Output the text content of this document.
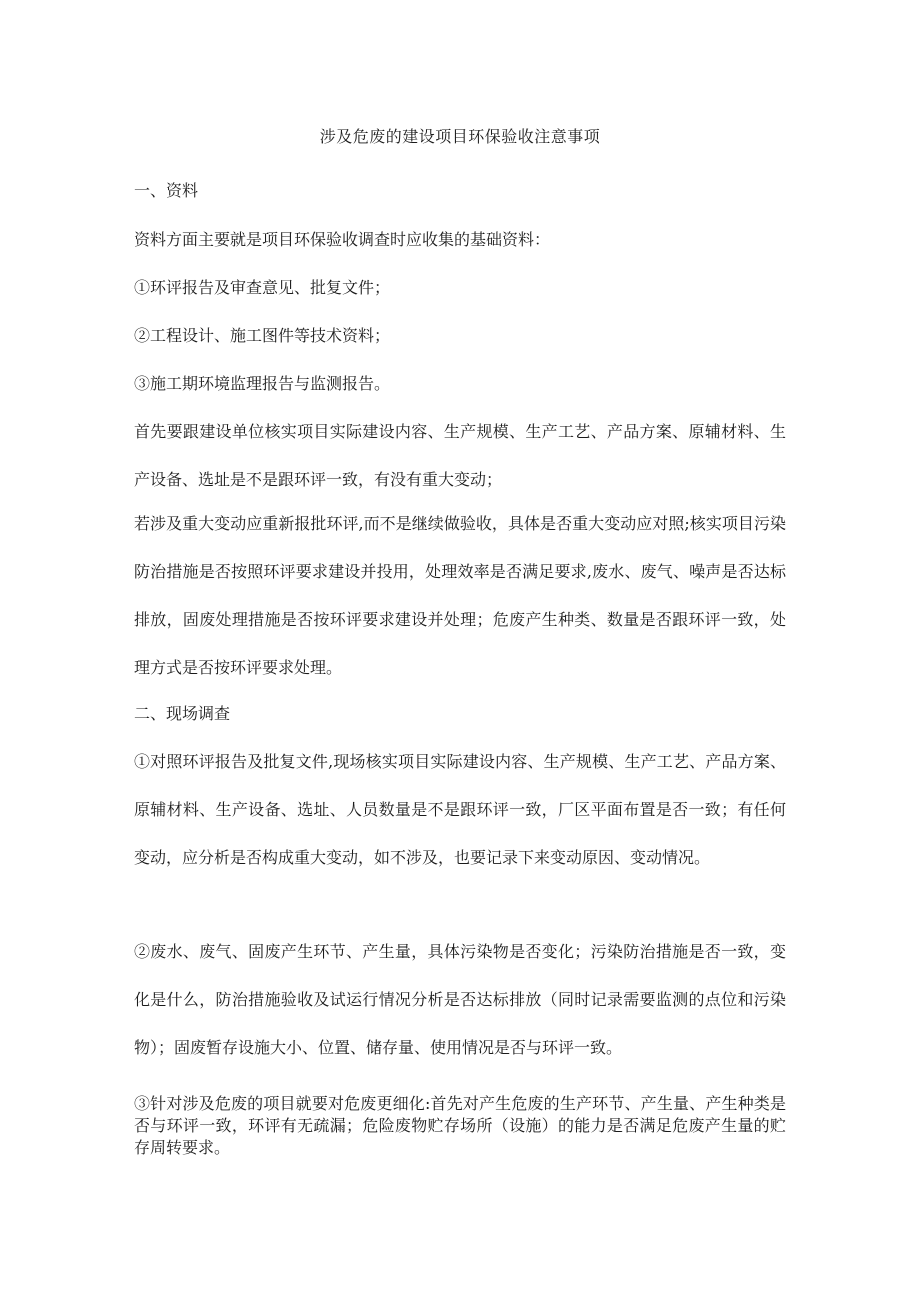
涉及危废的建设项目环保验收注意事项

一、资料

资料方面主要就是项目环保验收调查时应收集的基础资料：

①环评报告及审查意见、批复文件；

②工程设计、施工图件等技术资料；

③施工期环境监理报告与监测报告。

首先要跟建设单位核实项目实际建设内容、生产规模、生产工艺、产品方案、原辅材料、生产设备、选址是不是跟环评一致，有没有重大变动；

若涉及重大变动应重新报批环评,而不是继续做验收，具体是否重大变动应对照;核实项目污染防治措施是否按照环评要求建设并投用，处理效率是否满足要求,废水、废气、噪声是否达标排放，固废处理措施是否按环评要求建设并处理；危废产生种类、数量是否跟环评一致，处理方式是否按环评要求处理。

二、现场调查

①对照环评报告及批复文件,现场核实项目实际建设内容、生产规模、生产工艺、产品方案、原辅材料、生产设备、选址、人员数量是不是跟环评一致，厂区平面布置是否一致；有任何变动，应分析是否构成重大变动，如不涉及，也要记录下来变动原因、变动情况。

②废水、废气、固废产生环节、产生量，具体污染物是否变化；污染防治措施是否一致，变化是什么，防治措施验收及试运行情况分析是否达标排放（同时记录需要监测的点位和污染物）；固废暂存设施大小、位置、储存量、使用情况是否与环评一致。

③针对涉及危废的项目就要对危废更细化:首先对产生危废的生产环节、产生量、产生种类是否与环评一致，环评有无疏漏；危险废物贮存场所（设施）的能力是否满足危废产生量的贮存周转要求。
